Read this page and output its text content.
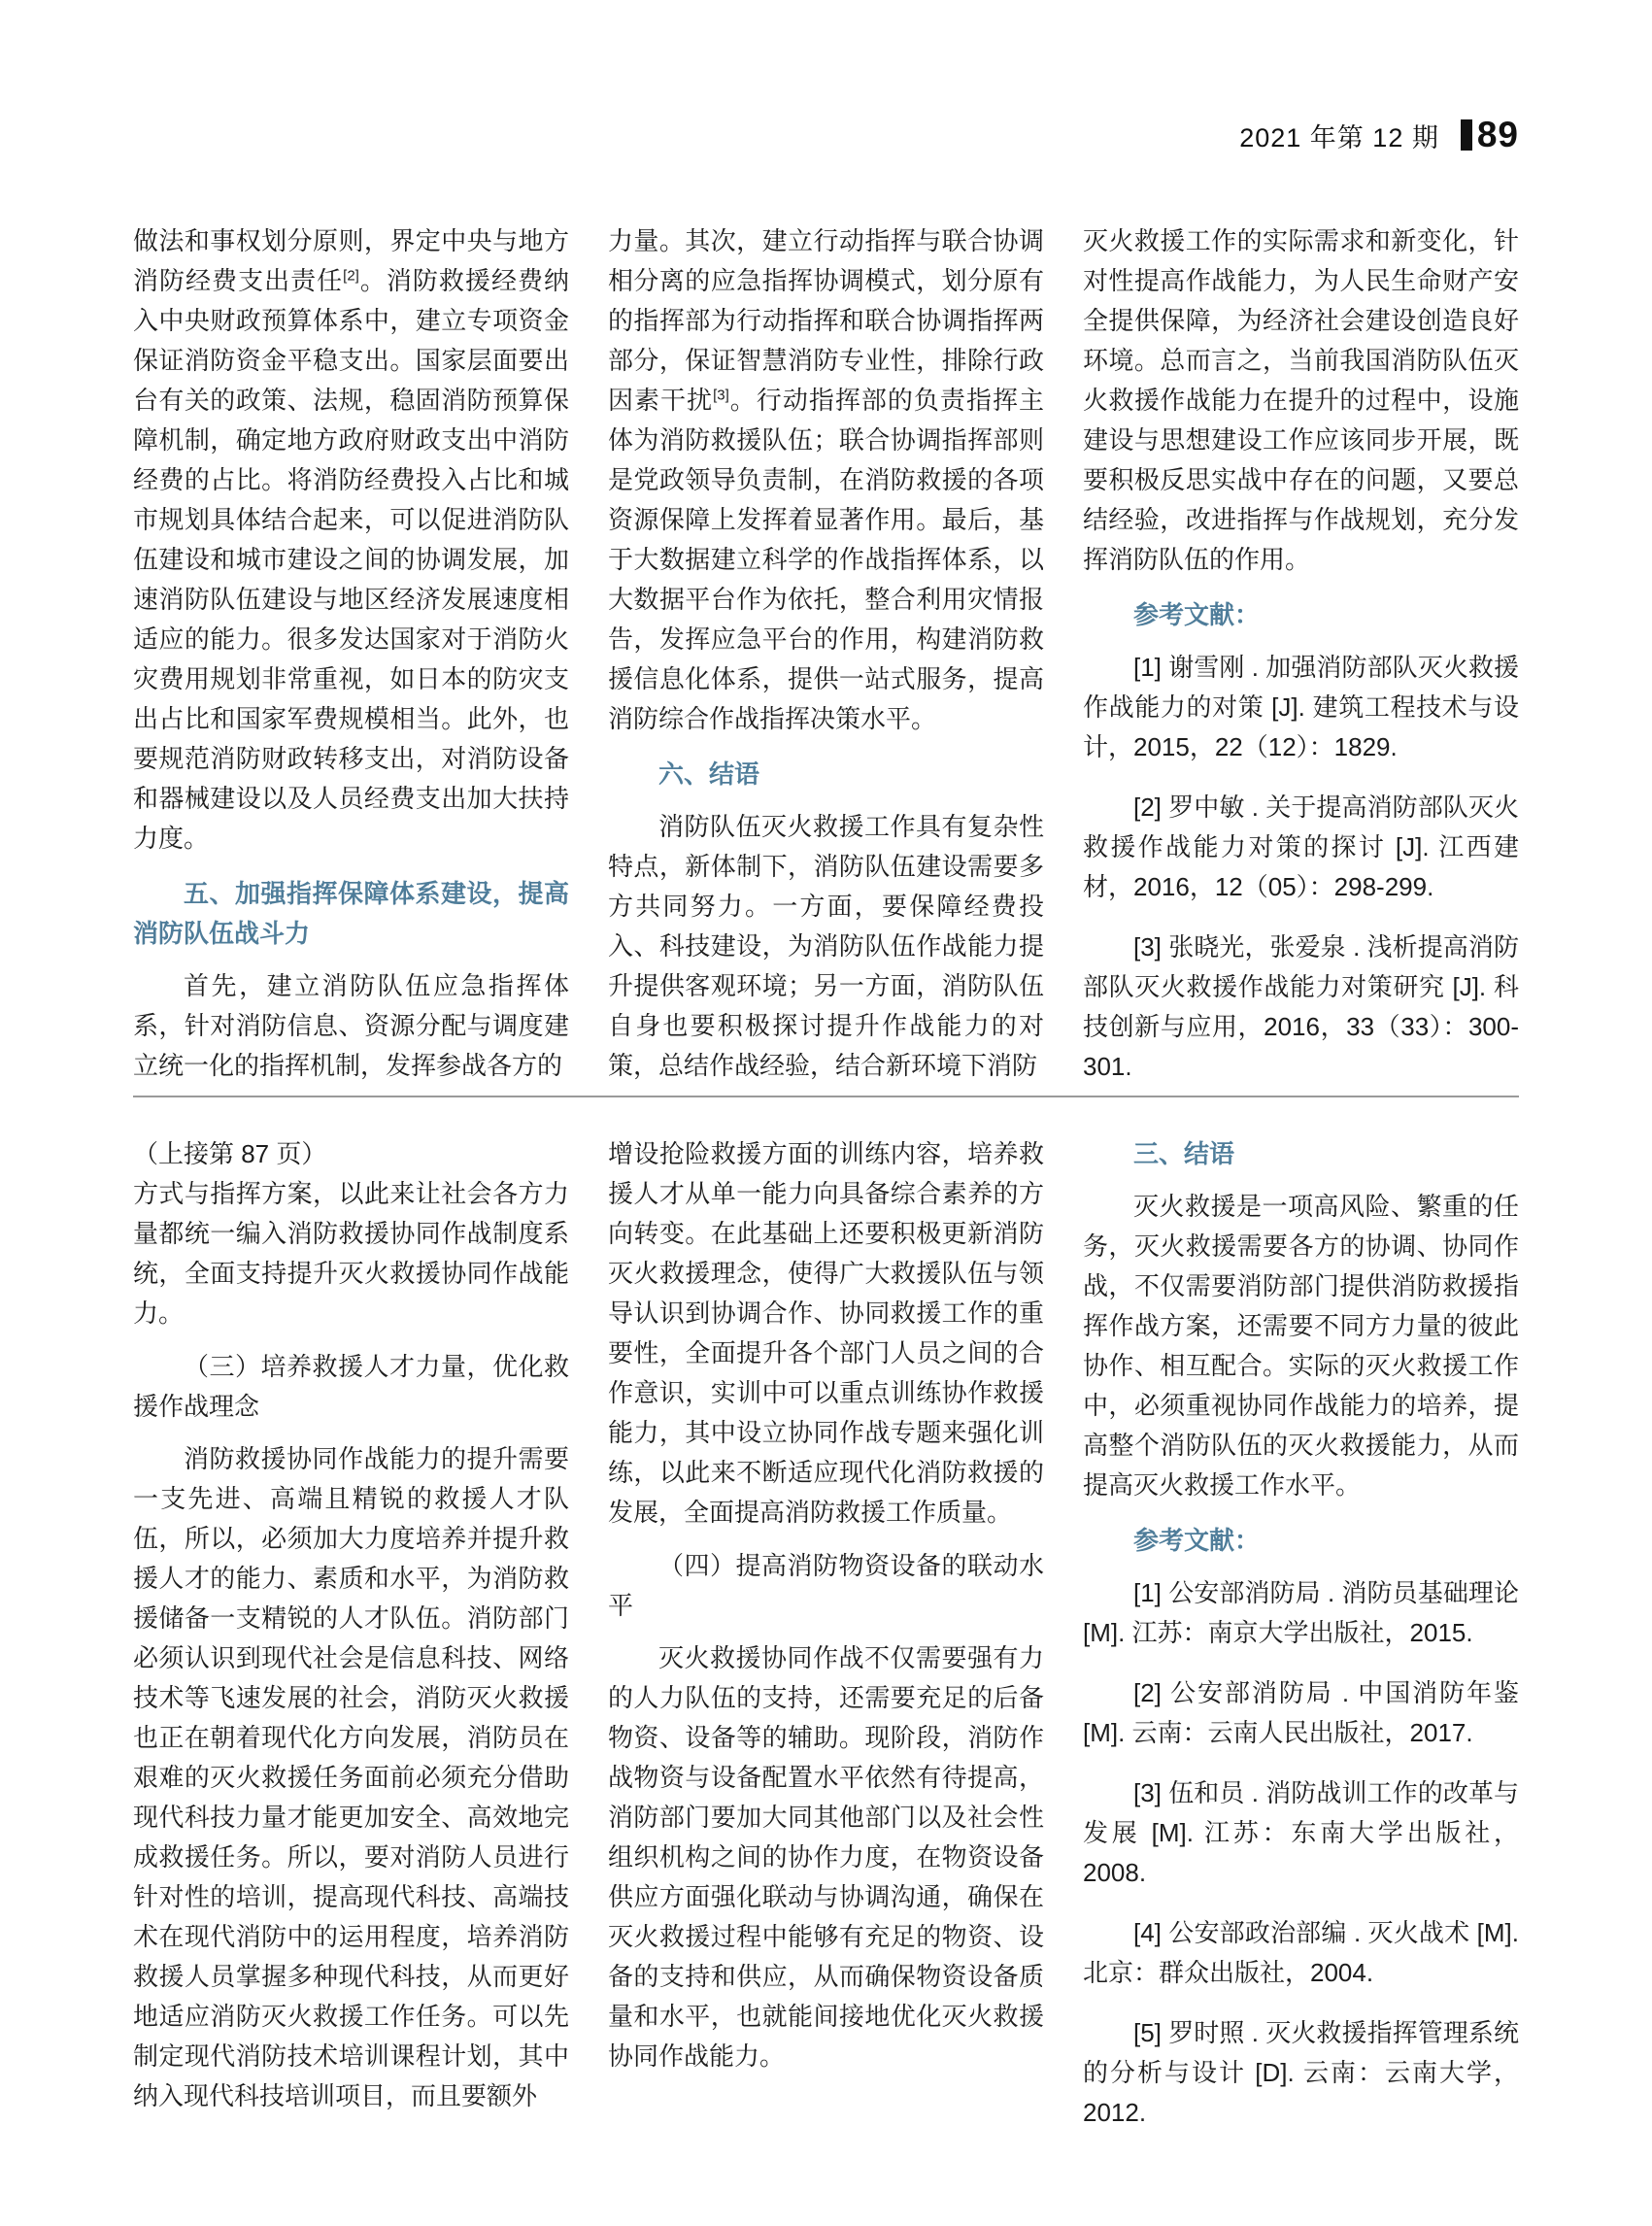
2021 年第 12 期 89

做法和事权划分原则，界定中央与地方消防经费支出责任[2]。消防救援经费纳入中央财政预算体系中，建立专项资金保证消防资金平稳支出。国家层面要出台有关的政策、法规，稳固消防预算保障机制，确定地方政府财政支出中消防经费的占比。将消防经费投入占比和城市规划具体结合起来，可以促进消防队伍建设和城市建设之间的协调发展，加速消防队伍建设与地区经济发展速度相适应的能力。很多发达国家对于消防火灾费用规划非常重视，如日本的防灾支出占比和国家军费规模相当。此外，也要规范消防财政转移支出，对消防设备和器械建设以及人员经费支出加大扶持力度。

五、加强指挥保障体系建设，提高消防队伍战斗力

首先，建立消防队伍应急指挥体系，针对消防信息、资源分配与调度建立统一化的指挥机制，发挥参战各方的

力量。其次，建立行动指挥与联合协调相分离的应急指挥协调模式，划分原有的指挥部为行动指挥和联合协调指挥两部分，保证智慧消防专业性，排除行政因素干扰[3]。行动指挥部的负责指挥主体为消防救援队伍；联合协调指挥部则是党政领导负责制，在消防救援的各项资源保障上发挥着显著作用。最后，基于大数据建立科学的作战指挥体系，以大数据平台作为依托，整合利用灾情报告，发挥应急平台的作用，构建消防救援信息化体系，提供一站式服务，提高消防综合作战指挥决策水平。

六、结语

消防队伍灭火救援工作具有复杂性特点，新体制下，消防队伍建设需要多方共同努力。一方面，要保障经费投入、科技建设，为消防队伍作战能力提升提供客观环境；另一方面，消防队伍自身也要积极探讨提升作战能力的对策，总结作战经验，结合新环境下消防

灭火救援工作的实际需求和新变化，针对性提高作战能力，为人民生命财产安全提供保障，为经济社会建设创造良好环境。总而言之，当前我国消防队伍灭火救援作战能力在提升的过程中，设施建设与思想建设工作应该同步开展，既要积极反思实战中存在的问题，又要总结经验，改进指挥与作战规划，充分发挥消防队伍的作用。

参考文献：

[1] 谢雪刚 . 加强消防部队灭火救援作战能力的对策 [J]. 建筑工程技术与设计，2015，22（12）：1829.

[2] 罗中敏 . 关于提高消防部队灭火救援作战能力对策的探讨 [J]. 江西建材，2016，12（05）：298-299.

[3] 张晓光，张爱泉 . 浅析提高消防部队灭火救援作战能力对策研究 [J]. 科技创新与应用，2016，33（33）：300-301.

（上接第 87 页）

方式与指挥方案，以此来让社会各方力量都统一编入消防救援协同作战制度系统，全面支持提升灭火救援协同作战能力。

（三）培养救援人才力量，优化救援作战理念

消防救援协同作战能力的提升需要一支先进、高端且精锐的救援人才队伍，所以，必须加大力度培养并提升救援人才的能力、素质和水平，为消防救援储备一支精锐的人才队伍。消防部门必须认识到现代社会是信息科技、网络技术等飞速发展的社会，消防灭火救援也正在朝着现代化方向发展，消防员在艰难的灭火救援任务面前必须充分借助现代科技力量才能更加安全、高效地完成救援任务。所以，要对消防人员进行针对性的培训，提高现代科技、高端技术在现代消防中的运用程度，培养消防救援人员掌握多种现代科技，从而更好地适应消防灭火救援工作任务。可以先制定现代消防技术培训课程计划，其中纳入现代科技培训项目，而且要额外

增设抢险救援方面的训练内容，培养救援人才从单一能力向具备综合素养的方向转变。在此基础上还要积极更新消防灭火救援理念，使得广大救援队伍与领导认识到协调合作、协同救援工作的重要性，全面提升各个部门人员之间的合作意识，实训中可以重点训练协作救援能力，其中设立协同作战专题来强化训练，以此来不断适应现代化消防救援的发展，全面提高消防救援工作质量。

（四）提高消防物资设备的联动水平

灭火救援协同作战不仅需要强有力的人力队伍的支持，还需要充足的后备物资、设备等的辅助。现阶段，消防作战物资与设备配置水平依然有待提高，消防部门要加大同其他部门以及社会性组织机构之间的协作力度，在物资设备供应方面强化联动与协调沟通，确保在灭火救援过程中能够有充足的物资、设备的支持和供应，从而确保物资设备质量和水平，也就能间接地优化灭火救援协同作战能力。

三、结语

灭火救援是一项高风险、繁重的任务，灭火救援需要各方的协调、协同作战，不仅需要消防部门提供消防救援指挥作战方案，还需要不同方力量的彼此协作、相互配合。实际的灭火救援工作中，必须重视协同作战能力的培养，提高整个消防队伍的灭火救援能力，从而提高灭火救援工作水平。

参考文献：

[1] 公安部消防局 . 消防员基础理论 [M]. 江苏：南京大学出版社，2015.

[2] 公安部消防局 . 中国消防年鉴 [M]. 云南：云南人民出版社，2017.

[3] 伍和员 . 消防战训工作的改革与发展 [M]. 江苏：东南大学出版社，2008.

[4] 公安部政治部编 . 灭火战术 [M]. 北京：群众出版社，2004.

[5] 罗时照 . 灭火救援指挥管理系统的分析与设计 [D]. 云南：云南大学，2012.
